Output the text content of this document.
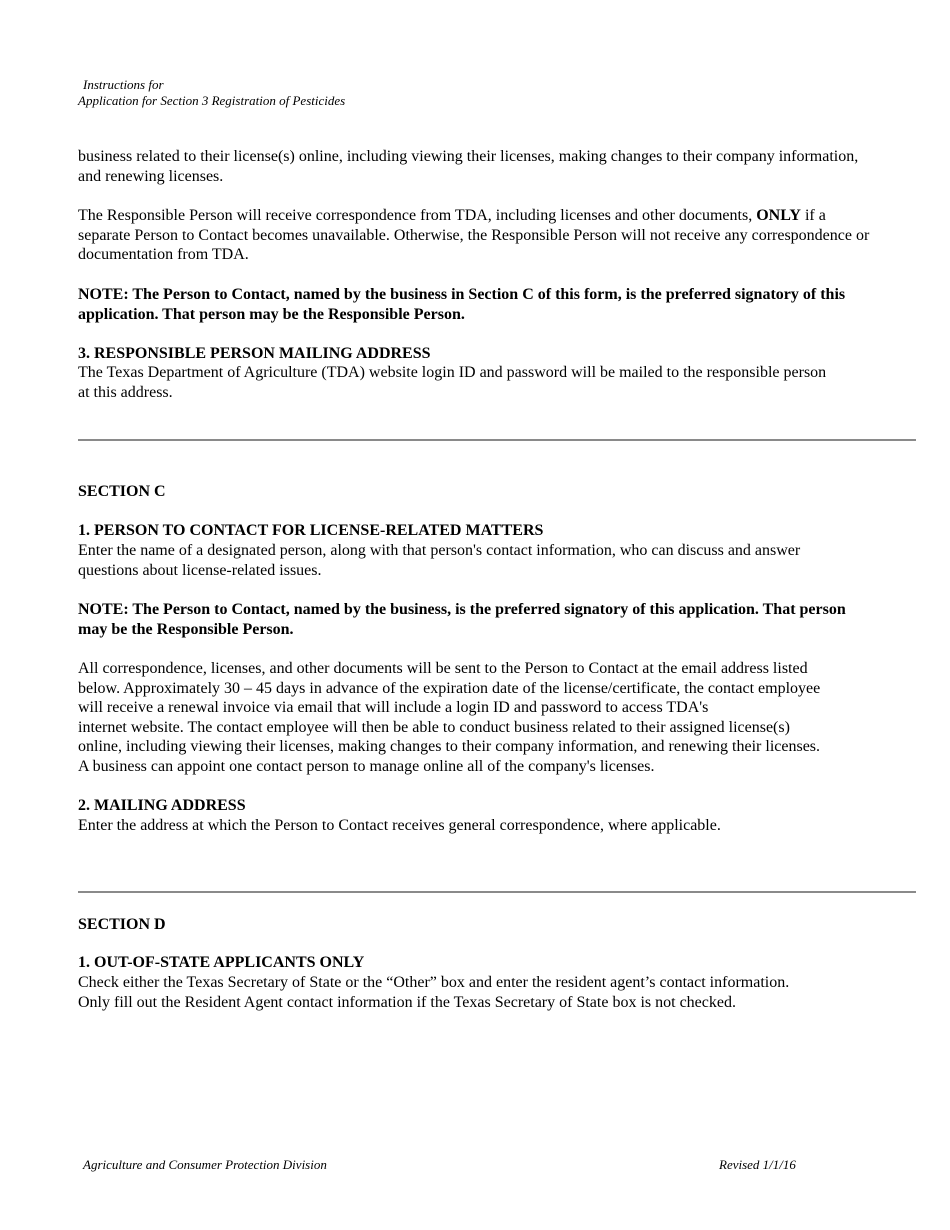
Instructions for
Application for Section 3 Registration of Pesticides

business related to their license(s) online, including viewing their licenses, making changes to their company information, and renewing licenses.

The Responsible Person will receive correspondence from TDA, including licenses and other documents, ONLY if a separate Person to Contact becomes unavailable. Otherwise, the Responsible Person will not receive any correspondence or documentation from TDA.

NOTE: The Person to Contact, named by the business in Section C of this form, is the preferred signatory of this application. That person may be the Responsible Person.

3. RESPONSIBLE PERSON MAILING ADDRESS

The Texas Department of Agriculture (TDA) website login ID and password will be mailed to the responsible person at this address.

SECTION C

1. PERSON TO CONTACT FOR LICENSE-RELATED MATTERS

Enter the name of a designated person, along with that person's contact information, who can discuss and answer questions about license-related issues.

NOTE: The Person to Contact, named by the business, is the preferred signatory of this application. That person may be the Responsible Person.

All correspondence, licenses, and other documents will be sent to the Person to Contact at the email address listed
below. Approximately 30 – 45 days in advance of the expiration date of the license/certificate, the contact employee
will receive a renewal invoice via email that will include a login ID and password to access TDA's
internet website. The contact employee will then be able to conduct business related to their assigned license(s)
online, including viewing their licenses, making changes to their company information, and renewing their licenses.
A business can appoint one contact person to manage online all of the company's licenses.

2. MAILING ADDRESS

Enter the address at which the Person to Contact receives general correspondence, where applicable.

SECTION D

1. OUT-OF-STATE APPLICANTS ONLY

Check either the Texas Secretary of State or the “Other” box and enter the resident agent’s contact information.
Only fill out the Resident Agent contact information if the Texas Secretary of State box is not checked.
Agriculture and Consumer Protection Division	Revised 1/1/16
